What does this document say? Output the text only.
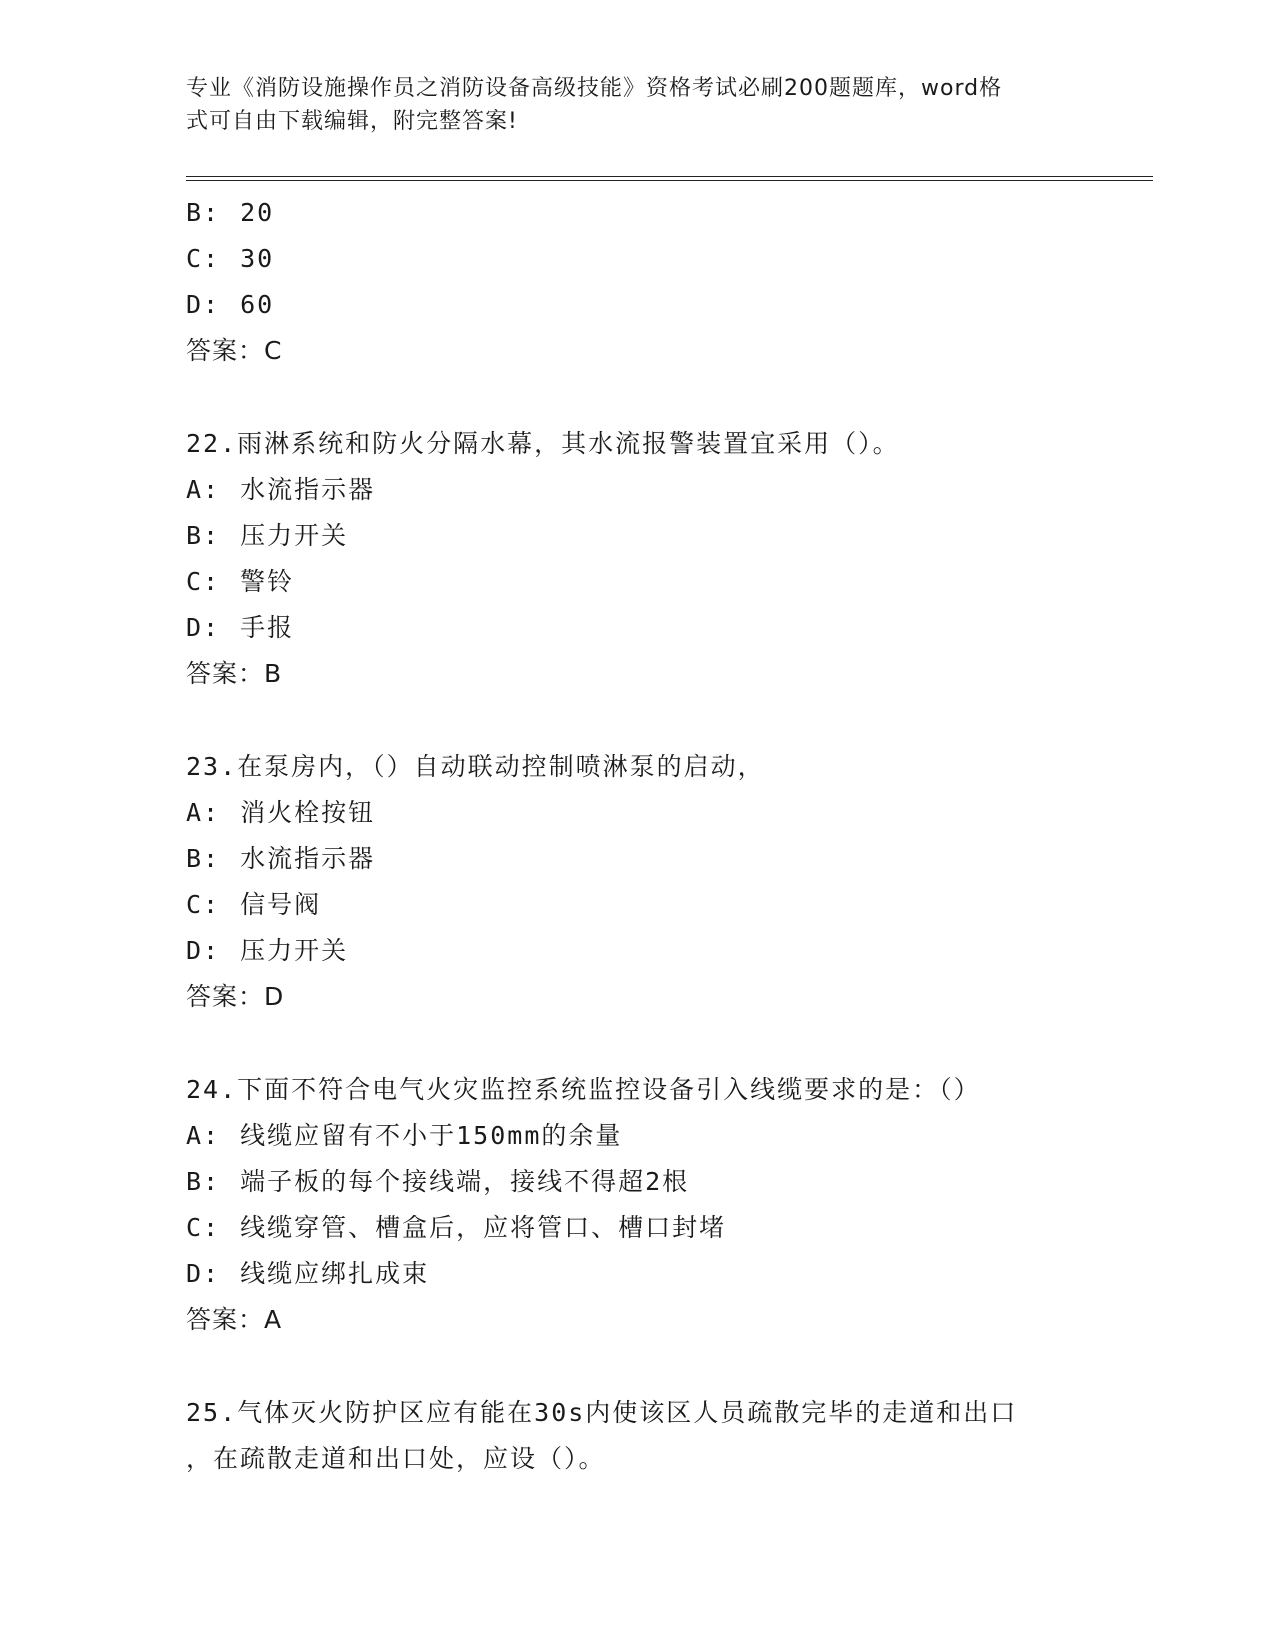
专业《消防设施操作员之消防设备高级技能》资格考试必刷200题题库，word格
式可自由下载编辑，附完整答案!
B: 20
C: 30
D: 60
答案：C
22.雨淋系统和防火分隔水幕，其水流报警装置宜采用（）。
A: 水流指示器
B: 压力开关
C: 警铃
D: 手报
答案：B
23.在泵房内，（）自动联动控制喷淋泵的启动，
A: 消火栓按钮
B: 水流指示器
C: 信号阀
D: 压力开关
答案：D
24.下面不符合电气火灾监控系统监控设备引入线缆要求的是：（）
A: 线缆应留有不小于150mm的余量
B: 端子板的每个接线端，接线不得超2根
C: 线缆穿管、槽盒后，应将管口、槽口封堵
D: 线缆应绑扎成束
答案：A
25.气体灭火防护区应有能在30s内使该区人员疏散完毕的走道和出口
，在疏散走道和出口处，应设（）。
